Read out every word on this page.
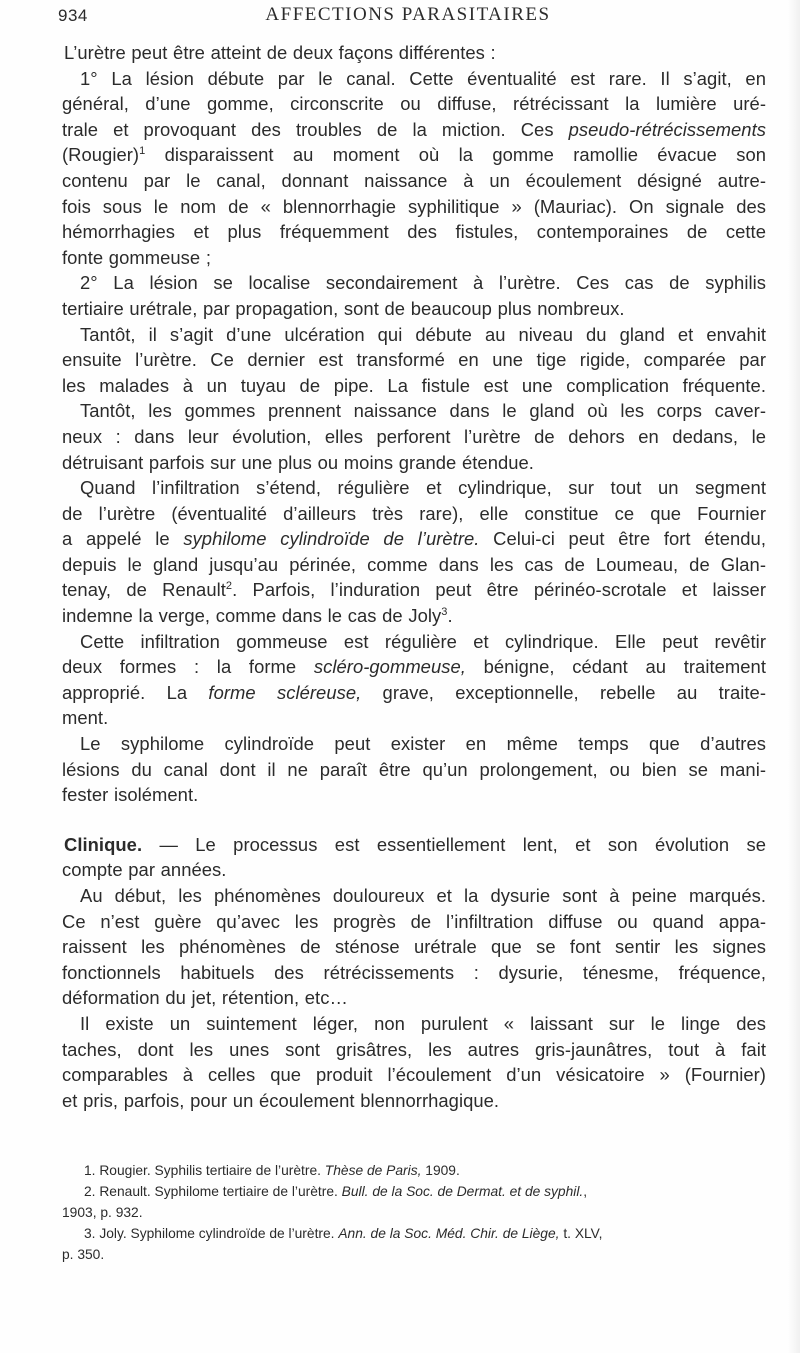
934	AFFECTIONS PARASITAIRES
L’urètre peut être atteint de deux façons différentes :
1° La lésion débute par le canal. Cette éventualité est rare. Il s’agit, en
général, d’une gomme, circonscrite ou diffuse, rétrécissant la lumière uré-
trale et provoquant des troubles de la miction. Ces pseudo-rétrécissements
(Rougier)$^1$ disparaissent au moment où la gomme ramollie évacue son
contenu par le canal, donnant naissance à un écoulement désigné autre-
fois sous le nom de « blennorrhagie syphilitique » (Mauriac). On signale des
hémorrhagies et plus fréquemment des fistules, contemporaines de cette
fonte gommeuse ;
2° La lésion se localise secondairement à l’urètre. Ces cas de syphilis
tertiaire urétrale, par propagation, sont de beaucoup plus nombreux.
Tantôt, il s’agit d’une ulcération qui débute au niveau du gland et envahit
ensuite l’urètre. Ce dernier est transformé en une tige rigide, comparée par
les malades à un tuyau de pipe. La fistule est une complication fréquente.
Tantôt, les gommes prennent naissance dans le gland où les corps caver-
neux : dans leur évolution, elles perforent l’urètre de dehors en dedans, le
détruisant parfois sur une plus ou moins grande étendue.
Quand l’infiltration s’étend, régulière et cylindrique, sur tout un segment
de l’urètre (éventualité d’ailleurs très rare), elle constitue ce que Fournier
a appelé le syphilome cylindroïde de l’urètre. Celui-ci peut être fort étendu,
depuis le gland jusqu’au périnée, comme dans les cas de Loumeau, de Glan-
tenay, de Renault$^2$. Parfois, l’induration peut être périnéo-scrotale et laisser
indemne la verge, comme dans le cas de Joly$^3$.
Cette infiltration gommeuse est régulière et cylindrique. Elle peut revêtir
deux formes : la forme scléro-gommeuse, bénigne, cédant au traitement
approprié. La forme scléreuse, grave, exceptionnelle, rebelle au traite-
ment.
Le syphilome cylindroïde peut exister en même temps que d’autres
lésions du canal dont il ne paraît être qu’un prolongement, ou bien se mani-
fester isolément.
Clinique. — Le processus est essentiellement lent, et son évolution se
compte par années.
Au début, les phénomènes douloureux et la dysurie sont à peine marqués.
Ce n’est guère qu’avec les progrès de l’infiltration diffuse ou quand appa-
raissent les phénomènes de sténose urétrale que se font sentir les signes
fonctionnels habituels des rétrécissements : dysurie, ténesme, fréquence,
déformation du jet, rétention, etc…
Il existe un suintement léger, non purulent « laissant sur le linge des
taches, dont les unes sont grisâtres, les autres gris-jaunâtres, tout à fait
comparables à celles que produit l’écoulement d’un vésicatoire » (Fournier)
et pris, parfois, pour un écoulement blennorrhagique.
1. Rougier. Syphilis tertiaire de l’urètre. Thèse de Paris, 1909.
2. Renault. Syphilome tertiaire de l’urètre. Bull. de la Soc. de Dermat. et de syphil.,
1903, p. 932.
3. Joly. Syphilome cylindroïde de l’urètre. Ann. de la Soc. Méd. Chir. de Liège, t. XLV,
p. 350.
